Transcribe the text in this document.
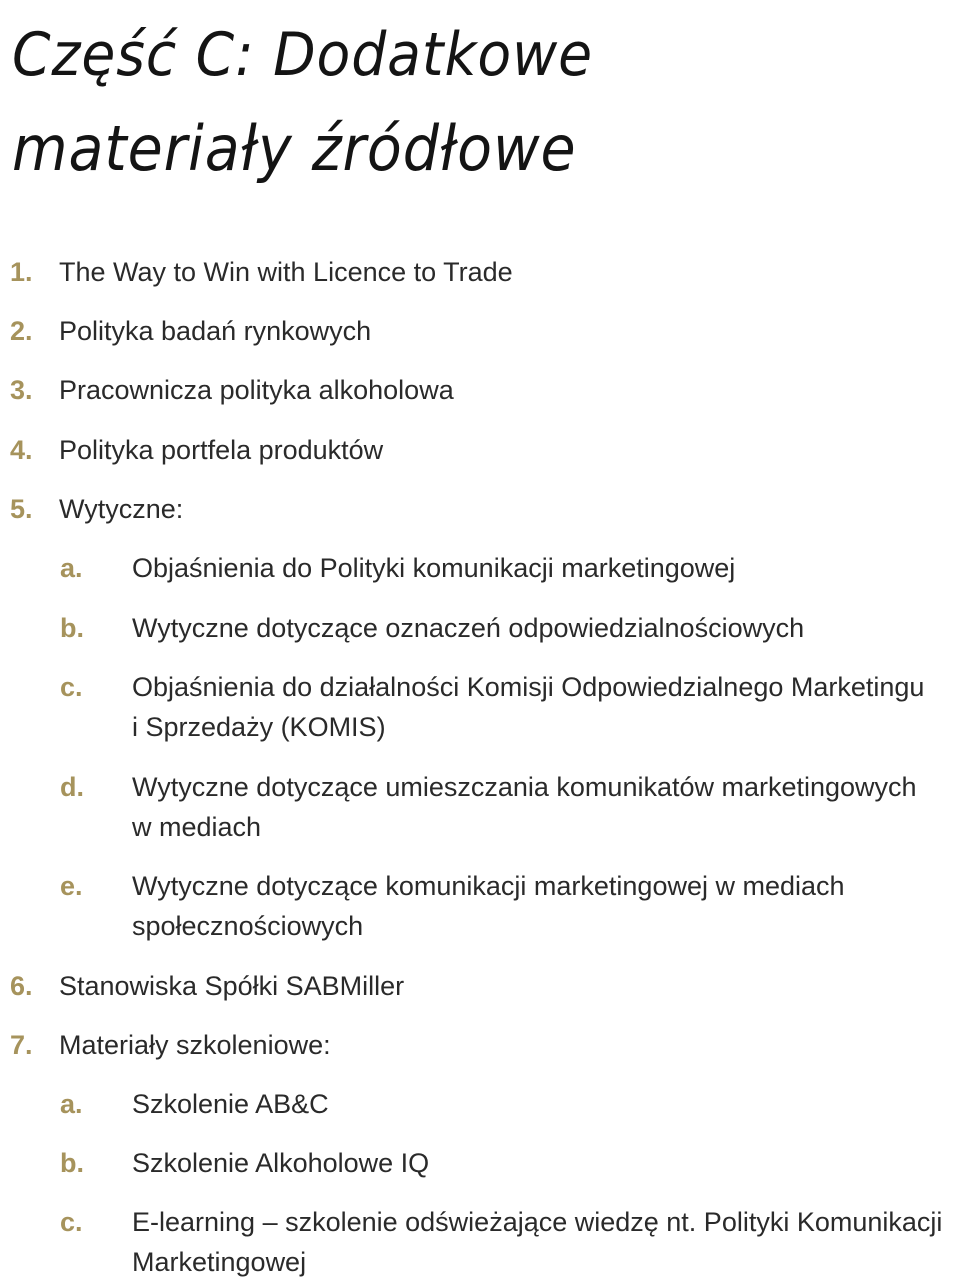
Część C: Dodatkowe
materiały źródłowe
1. The Way to Win with Licence to Trade
2. Polityka badań rynkowych
3. Pracownicza polityka alkoholowa
4. Polityka portfela produktów
5. Wytyczne:
a. Objaśnienia do Polityki komunikacji marketingowej
b. Wytyczne dotyczące oznaczeń odpowiedzialnościowych
c. Objaśnienia do działalności Komisji Odpowiedzialnego Marketingu
i Sprzedaży (KOMIS)
d. Wytyczne dotyczące umieszczania komunikatów marketingowych
w mediach
e. Wytyczne dotyczące komunikacji marketingowej w mediach
społecznościowych
6. Stanowiska Spółki SABMiller
7. Materiały szkoleniowe:
a. Szkolenie AB&C
b. Szkolenie Alkoholowe IQ
c. E-learning – szkolenie odświeżające wiedzę nt. Polityki Komunikacji
Marketingowej
